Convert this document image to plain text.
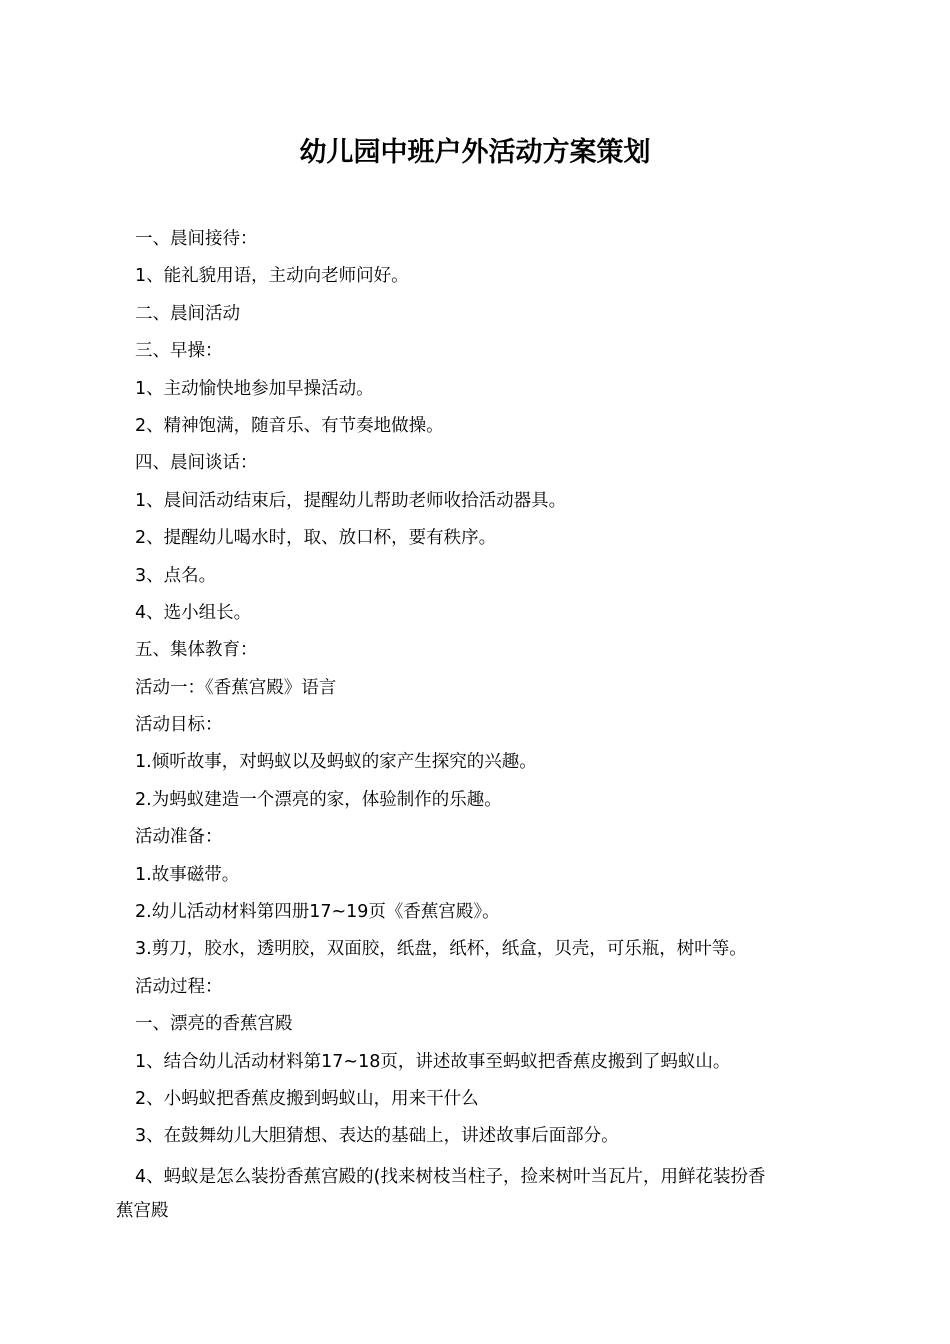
幼儿园中班户外活动方案策划
一、晨间接待：
1、能礼貌用语，主动向老师问好。
二、晨间活动
三、早操：
1、主动愉快地参加早操活动。
2、精神饱满，随音乐、有节奏地做操。
四、晨间谈话：
1、晨间活动结束后，提醒幼儿帮助老师收拾活动器具。
2、提醒幼儿喝水时，取、放口杯，要有秩序。
3、点名。
4、选小组长。
五、集体教育：
活动一：《香蕉宫殿》语言
活动目标：
1.倾听故事，对蚂蚁以及蚂蚁的家产生探究的兴趣。
2.为蚂蚁建造一个漂亮的家，体验制作的乐趣。
活动准备：
1.故事磁带。
2.幼儿活动材料第四册17~19页《香蕉宫殿》。
3.剪刀，胶水，透明胶，双面胶，纸盘，纸杯，纸盒，贝壳，可乐瓶，树叶等。
活动过程：
一、漂亮的香蕉宫殿
1、结合幼儿活动材料第17~18页，讲述故事至蚂蚁把香蕉皮搬到了蚂蚁山。
2、小蚂蚁把香蕉皮搬到蚂蚁山，用来干什么
3、在鼓舞幼儿大胆猜想、表达的基础上，讲述故事后面部分。
4、蚂蚁是怎么装扮香蕉宫殿的(找来树枝当柱子，捡来树叶当瓦片，用鲜花装扮香
蕉宫殿
